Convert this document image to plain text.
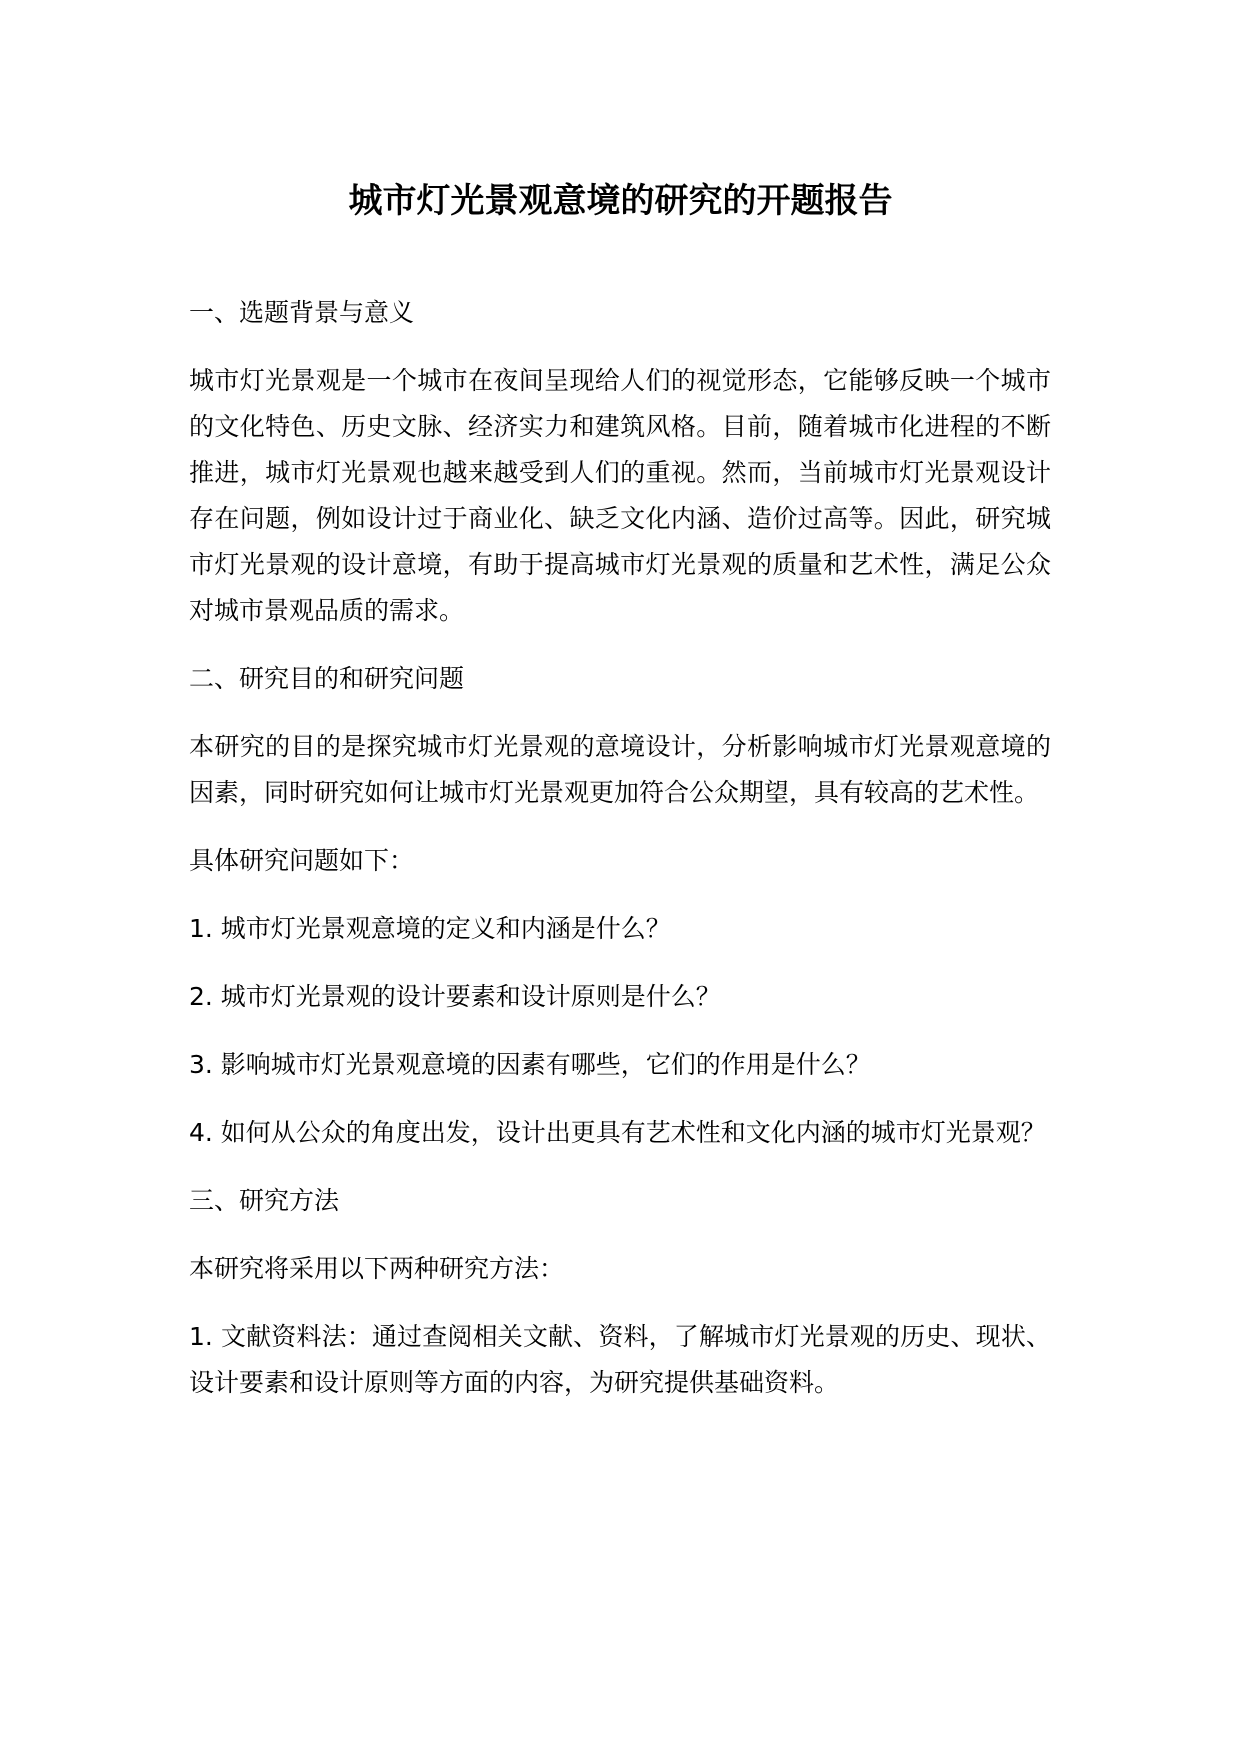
城市灯光景观意境的研究的开题报告

一、选题背景与意义

城市灯光景观是一个城市在夜间呈现给人们的视觉形态，它能够反映一个城市的文化特色、历史文脉、经济实力和建筑风格。目前，随着城市化进程的不断推进，城市灯光景观也越来越受到人们的重视。然而，当前城市灯光景观设计存在问题，例如设计过于商业化、缺乏文化内涵、造价过高等。因此，研究城市灯光景观的设计意境，有助于提高城市灯光景观的质量和艺术性，满足公众对城市景观品质的需求。

二、研究目的和研究问题

本研究的目的是探究城市灯光景观的意境设计，分析影响城市灯光景观意境的因素，同时研究如何让城市灯光景观更加符合公众期望，具有较高的艺术性。

具体研究问题如下：

1. 城市灯光景观意境的定义和内涵是什么？

2. 城市灯光景观的设计要素和设计原则是什么？

3. 影响城市灯光景观意境的因素有哪些，它们的作用是什么？

4. 如何从公众的角度出发，设计出更具有艺术性和文化内涵的城市灯光景观？

三、研究方法

本研究将采用以下两种研究方法：

1. 文献资料法：通过查阅相关文献、资料，了解城市灯光景观的历史、现状、设计要素和设计原则等方面的内容，为研究提供基础资料。
